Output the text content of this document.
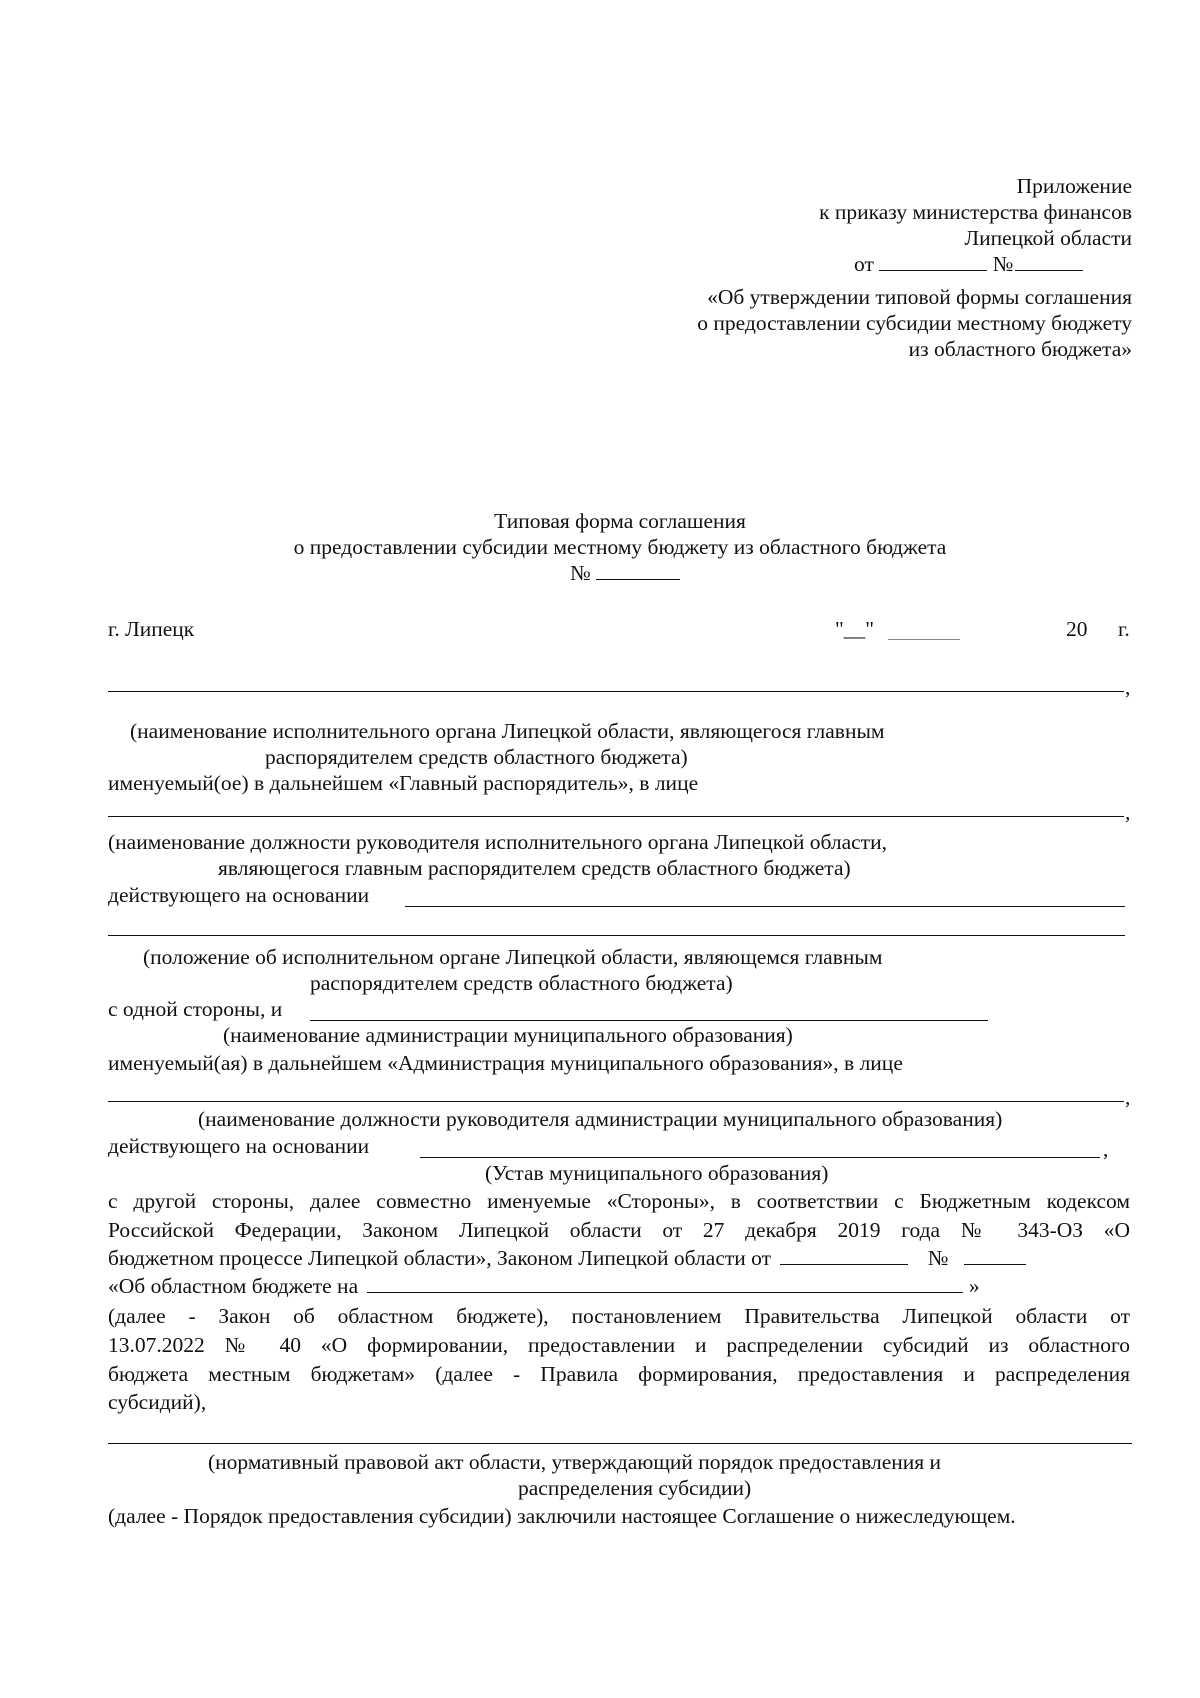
Приложение
к приказу министерства финансов
Липецкой области
от	№
«Об утверждении типовой формы соглашения
о предоставлении субсидии местному бюджету
из областного бюджета»
Типовая форма соглашения
о предоставлении субсидии местному бюджету из областного бюджета
№
г. Липецк	"__"	20 г.
,
(наименование исполнительного органа Липецкой области, являющегося главным
распорядителем средств областного бюджета)
именуемый(ое) в дальнейшем «Главный распорядитель», в лице
,
(наименование должности руководителя исполнительного органа Липецкой области,
являющегося главным распорядителем средств областного бюджета)
действующего на основании
(положение об исполнительном органе Липецкой области, являющемся главным
распорядителем средств областного бюджета)
с одной стороны, и
(наименование администрации муниципального образования)
именуемый(ая) в дальнейшем «Администрация муниципального образования», в лице
,
(наименование должности руководителя администрации муниципального образования)
действующего на основании	,
(Устав муниципального образования)
с другой стороны, далее совместно именуемые «Стороны», в соответствии с Бюджетным кодексом
Российской Федерации, Законом Липецкой области от 27 декабря 2019 года № 343-ОЗ «О
бюджетном процессе Липецкой области», Законом Липецкой области от	№
«Об областном бюджете на	»
(далее - Закон об областном бюджете), постановлением Правительства Липецкой области от
13.07.2022 № 40 «О формировании, предоставлении и распределении субсидий из областного
бюджета местным бюджетам» (далее - Правила формирования, предоставления и распределения
субсидий),
(нормативный правовой акт области, утверждающий порядок предоставления и
распределения субсидии)
(далее - Порядок предоставления субсидии) заключили настоящее Соглашение о нижеследующем.
